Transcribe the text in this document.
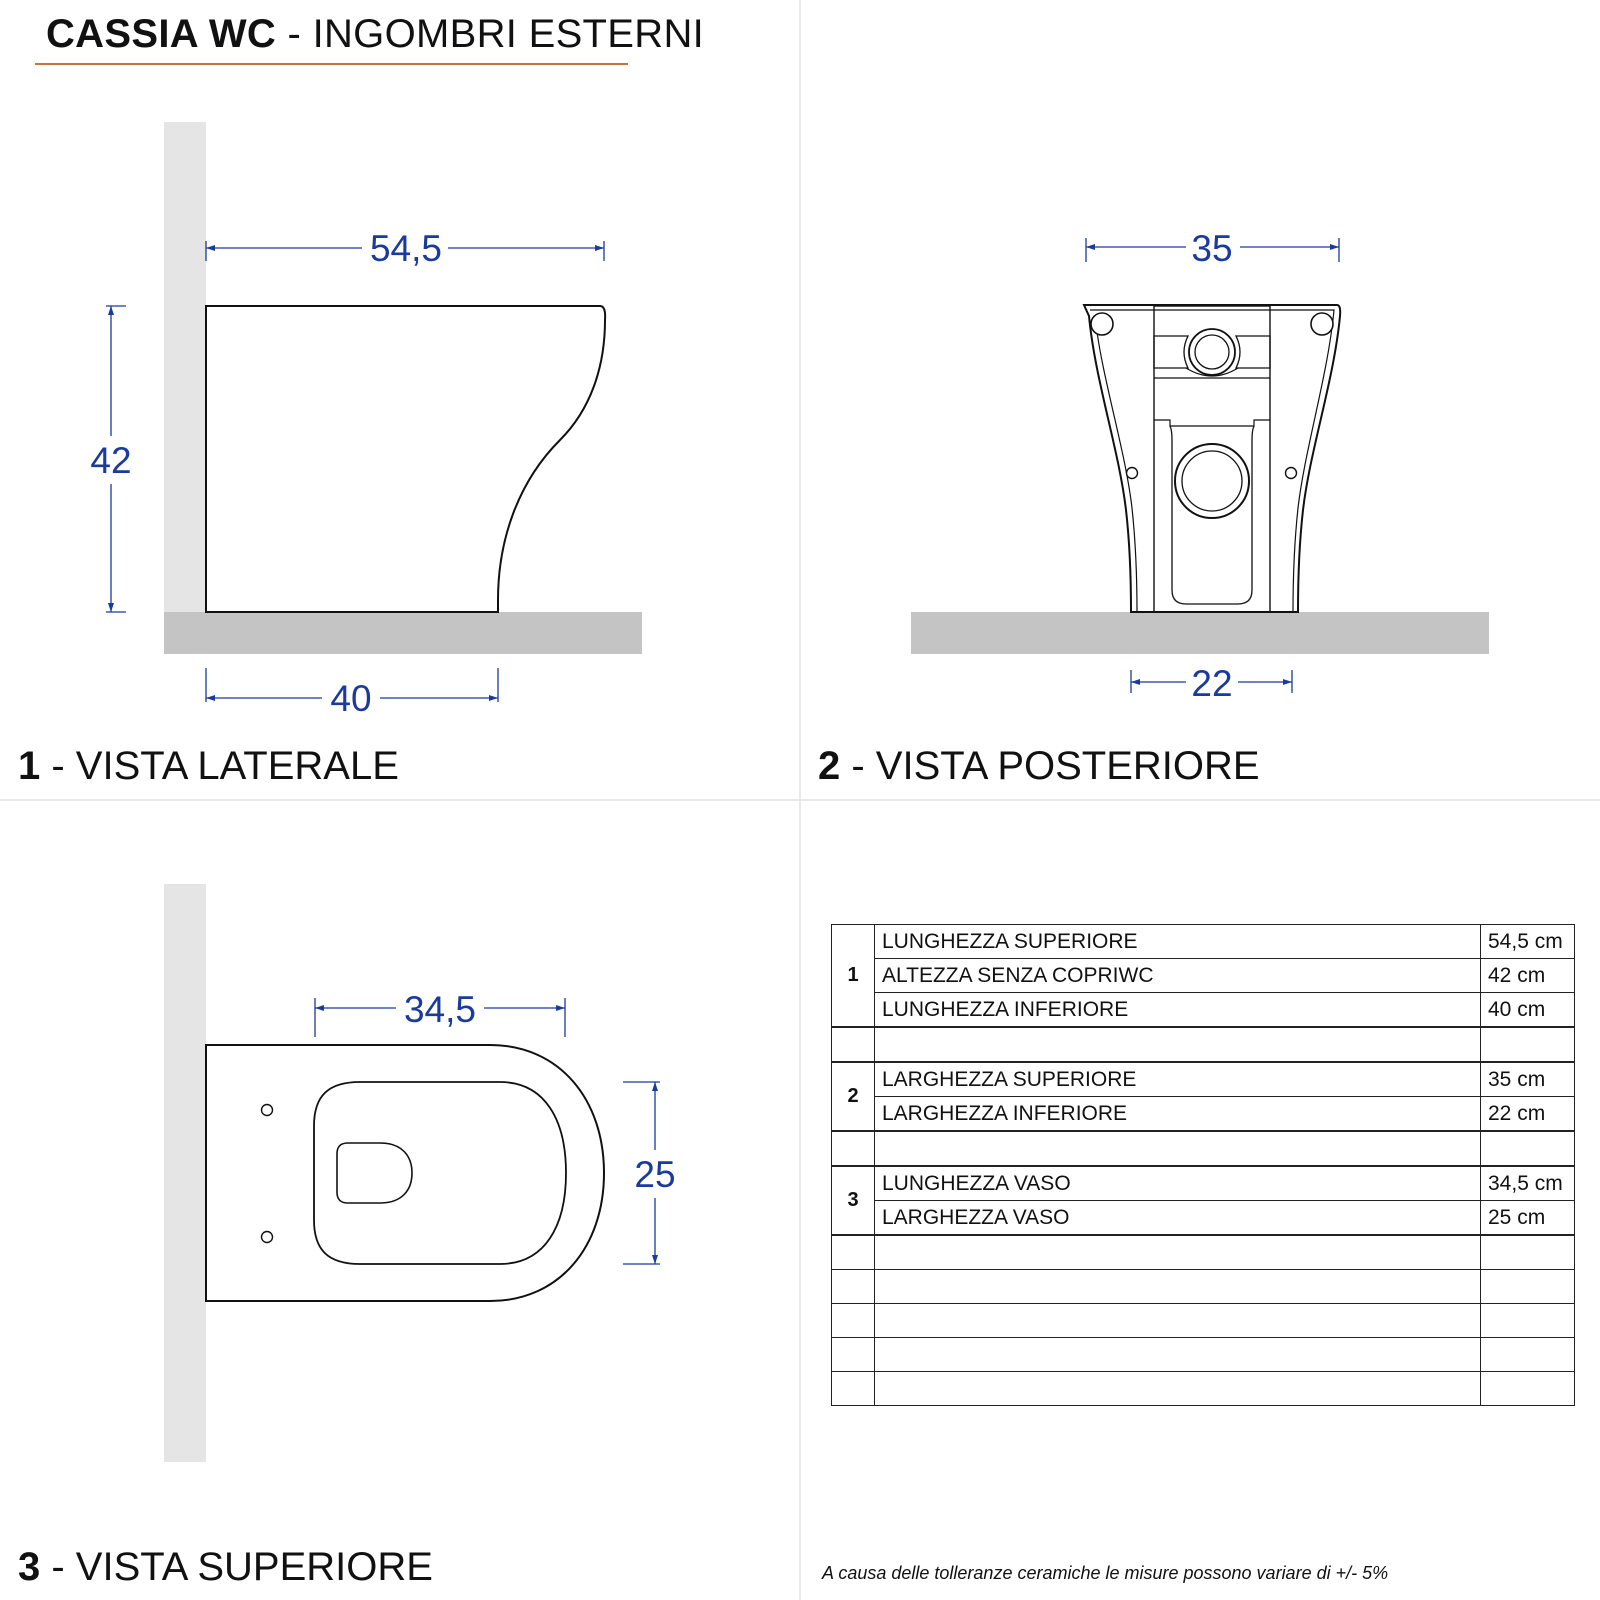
54,5
42
40
35
22
34,5
25
CASSIA WC - INGOMBRI ESTERNI
1 - VISTA LATERALE	2 - VISTA POSTERIORE
3 - VISTA SUPERIORE
1	LUNGHEZZA SUPERIORE	54,5 cm
	ALTEZZA SENZA COPRIWC	42 cm
	LUNGHEZZA INFERIORE	40 cm

2	LARGHEZZA SUPERIORE	35 cm
	LARGHEZZA INFERIORE	22 cm

3	LUNGHEZZA VASO	34,5 cm
	LARGHEZZA VASO	25 cm

A causa delle tolleranze ceramiche le misure possono variare di +/- 5%
